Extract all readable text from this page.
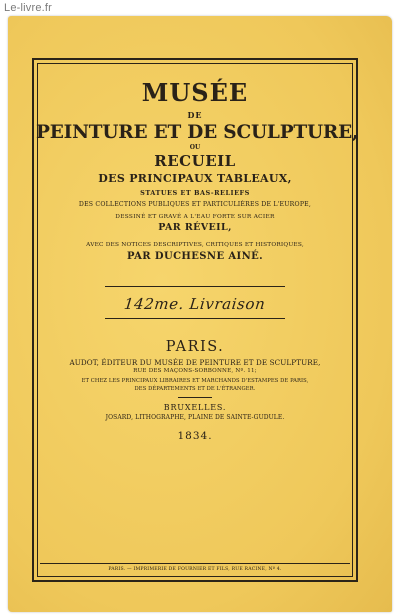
Le-livre.fr
MUSÉE
DE
PEINTURE ET DE SCULPTURE,
OU
RECUEIL
DES PRINCIPAUX TABLEAUX,
STATUES ET BAS-RELIEFS
DES COLLECTIONS PUBLIQUES ET PARTICULIÈRES DE L'EUROPE,
DESSINÉ ET GRAVÉ A L'EAU FORTE SUR ACIER
PAR RÉVEIL,
AVEC DES NOTICES DESCRIPTIVES, CRITIQUES ET HISTORIQUES,
PAR DUCHESNE AINÉ.
142me. Livraison
PARIS.
AUDOT, ÉDITEUR DU MUSÉE DE PEINTURE ET DE SCULPTURE,
RUE DES MAÇONS-SORBONNE, Nº. 11;
ET CHEZ LES PRINCIPAUX LIBRAIRES ET MARCHANDS D'ESTAMPES DE PARIS,
DES DÉPARTEMENTS ET DE L'ÉTRANGER.
BRUXELLES.
JOSARD, LITHOGRAPHE, PLAINE DE SAINTE-GUDULE.
1834.
PARIS. — IMPRIMERIE DE FOURNIER ET FILS, RUE RACINE, Nº 4.
